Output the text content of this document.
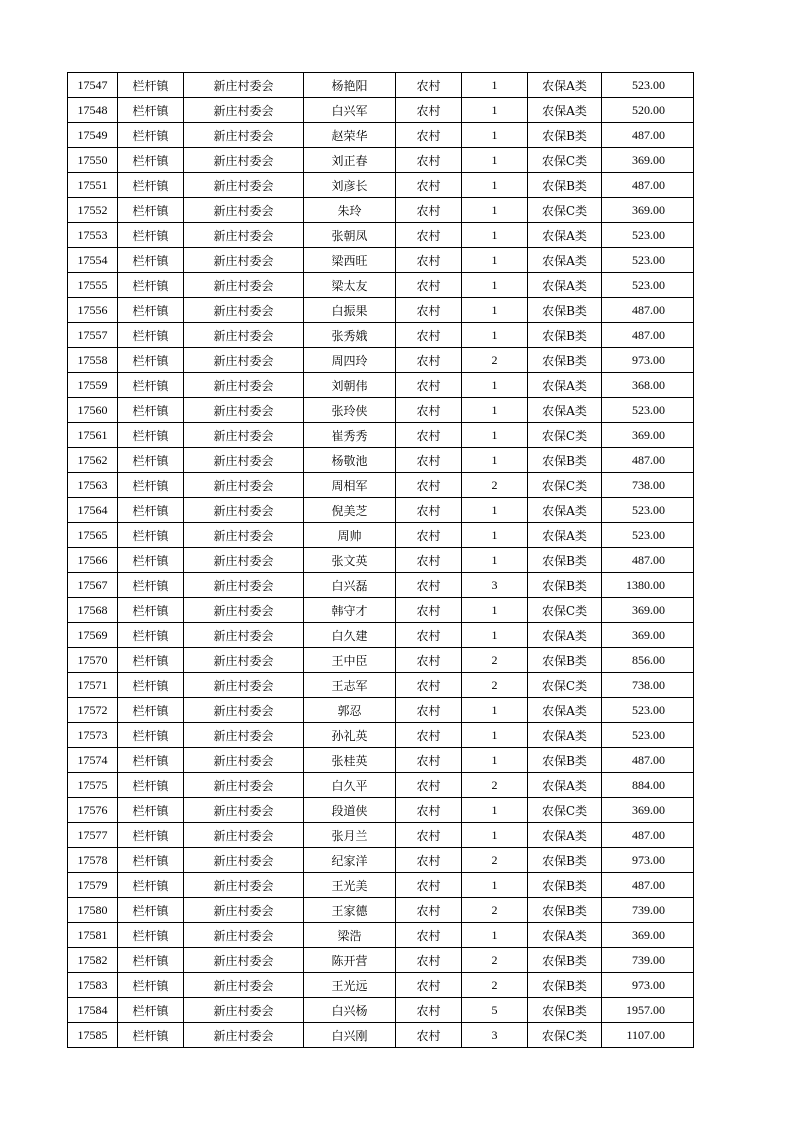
17547	栏杆镇	新庄村委会	杨艳阳	农村	1	农保A类	523.00
17548	栏杆镇	新庄村委会	白兴军	农村	1	农保A类	520.00
17549	栏杆镇	新庄村委会	赵荣华	农村	1	农保B类	487.00
17550	栏杆镇	新庄村委会	刘正春	农村	1	农保C类	369.00
17551	栏杆镇	新庄村委会	刘彦长	农村	1	农保B类	487.00
17552	栏杆镇	新庄村委会	朱玲	农村	1	农保C类	369.00
17553	栏杆镇	新庄村委会	张朝凤	农村	1	农保A类	523.00
17554	栏杆镇	新庄村委会	梁西旺	农村	1	农保A类	523.00
17555	栏杆镇	新庄村委会	梁太友	农村	1	农保A类	523.00
17556	栏杆镇	新庄村委会	白振果	农村	1	农保B类	487.00
17557	栏杆镇	新庄村委会	张秀娥	农村	1	农保B类	487.00
17558	栏杆镇	新庄村委会	周四玲	农村	2	农保B类	973.00
17559	栏杆镇	新庄村委会	刘朝伟	农村	1	农保A类	368.00
17560	栏杆镇	新庄村委会	张玲侠	农村	1	农保A类	523.00
17561	栏杆镇	新庄村委会	崔秀秀	农村	1	农保C类	369.00
17562	栏杆镇	新庄村委会	杨敬池	农村	1	农保B类	487.00
17563	栏杆镇	新庄村委会	周相军	农村	2	农保C类	738.00
17564	栏杆镇	新庄村委会	倪美芝	农村	1	农保A类	523.00
17565	栏杆镇	新庄村委会	周帅	农村	1	农保A类	523.00
17566	栏杆镇	新庄村委会	张文英	农村	1	农保B类	487.00
17567	栏杆镇	新庄村委会	白兴磊	农村	3	农保B类	1380.00
17568	栏杆镇	新庄村委会	韩守才	农村	1	农保C类	369.00
17569	栏杆镇	新庄村委会	白久建	农村	1	农保A类	369.00
17570	栏杆镇	新庄村委会	王中臣	农村	2	农保B类	856.00
17571	栏杆镇	新庄村委会	王志军	农村	2	农保C类	738.00
17572	栏杆镇	新庄村委会	郭忍	农村	1	农保A类	523.00
17573	栏杆镇	新庄村委会	孙礼英	农村	1	农保A类	523.00
17574	栏杆镇	新庄村委会	张桂英	农村	1	农保B类	487.00
17575	栏杆镇	新庄村委会	白久平	农村	2	农保A类	884.00
17576	栏杆镇	新庄村委会	段道侠	农村	1	农保C类	369.00
17577	栏杆镇	新庄村委会	张月兰	农村	1	农保A类	487.00
17578	栏杆镇	新庄村委会	纪家洋	农村	2	农保B类	973.00
17579	栏杆镇	新庄村委会	王光美	农村	1	农保B类	487.00
17580	栏杆镇	新庄村委会	王家德	农村	2	农保B类	739.00
17581	栏杆镇	新庄村委会	梁浩	农村	1	农保A类	369.00
17582	栏杆镇	新庄村委会	陈开营	农村	2	农保B类	739.00
17583	栏杆镇	新庄村委会	王光远	农村	2	农保B类	973.00
17584	栏杆镇	新庄村委会	白兴杨	农村	5	农保B类	1957.00
17585	栏杆镇	新庄村委会	白兴刚	农村	3	农保C类	1107.00
